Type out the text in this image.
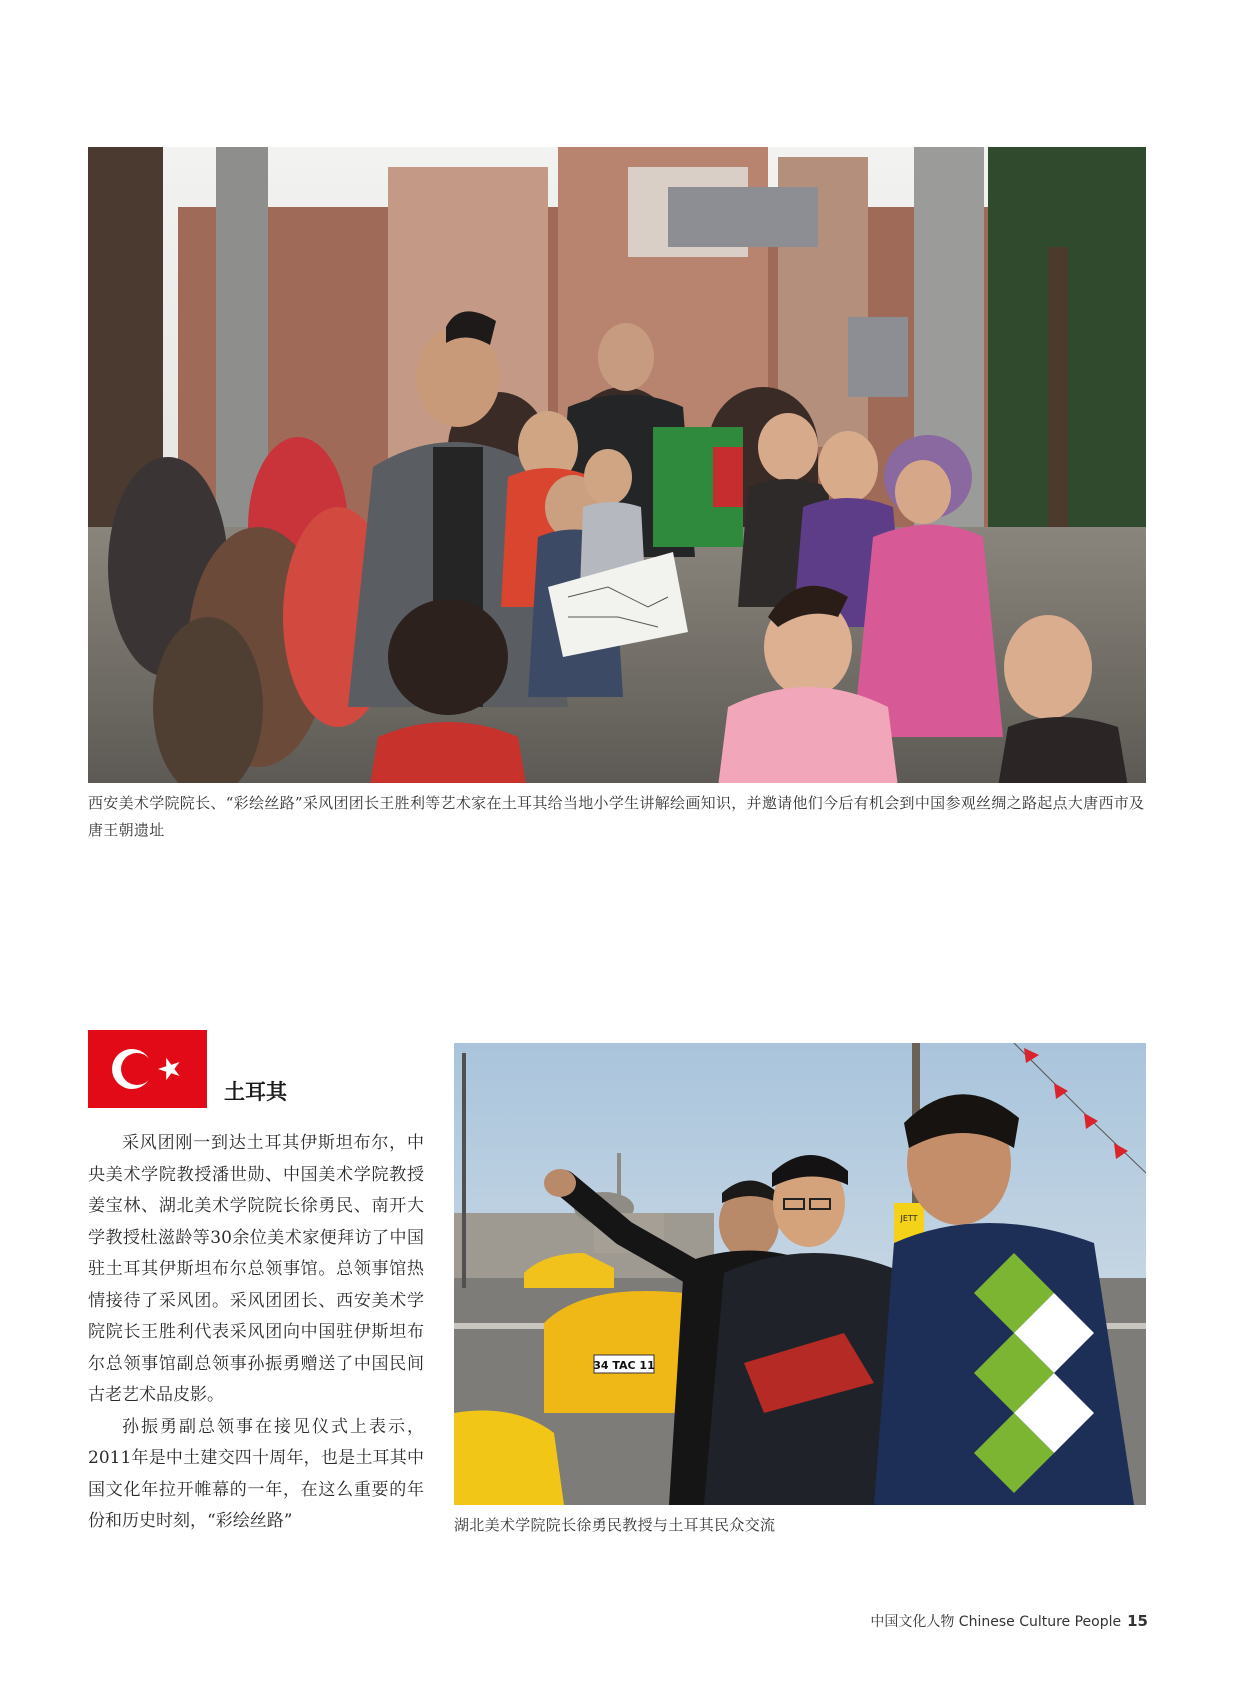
西安美术学院院长、“彩绘丝路”采风团团长王胜利等艺术家在土耳其给当地小学生讲解绘画知识，并邀请他们今后有机会到中国参观丝绸之路起点大唐西市及唐王朝遗址
土耳其

采风团刚一到达土耳其伊斯坦布尔，中央美术学院教授潘世勋、中国美术学院教授姜宝林、湖北美术学院院长徐勇民、南开大学教授杜滋龄等30余位美术家便拜访了中国驻土耳其伊斯坦布尔总领事馆。总领事馆热情接待了采风团。采风团团长、西安美术学院院长王胜利代表采风团向中国驻伊斯坦布尔总领事馆副总领事孙振勇赠送了中国民间古老艺术品皮影。

孙振勇副总领事在接见仪式上表示，2011年是中土建交四十周年，也是土耳其中国文化年拉开帷幕的一年，在这么重要的年份和历史时刻，“彩绘丝路”

JETT
34 TAC 11
湖北美术学院院长徐勇民教授与土耳其民众交流
中国文化人物 Chinese Culture People 15
